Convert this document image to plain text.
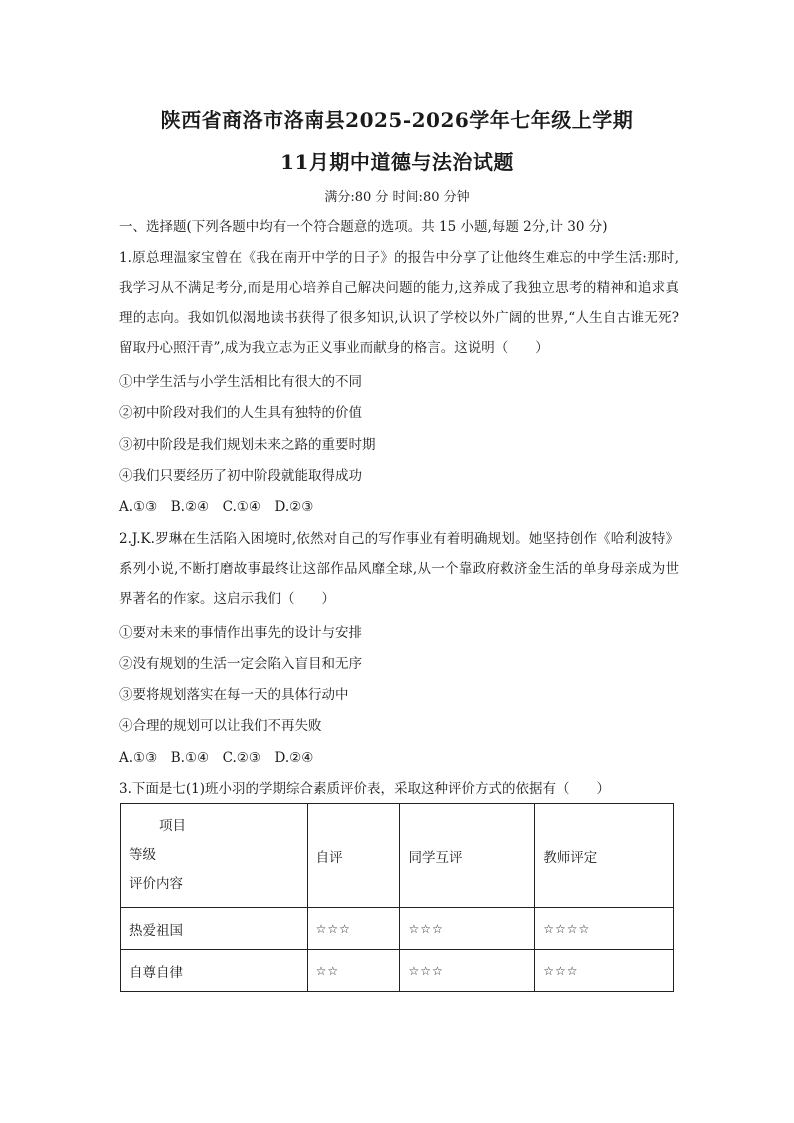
陕西省商洛市洛南县2025-2026学年七年级上学期
11月期中道德与法治试题
满分:80 分 时间:80 分钟
一、选择题(下列各题中均有一个符合题意的选项。共 15 小题,每题 2分,计 30 分)
1.原总理温家宝曾在《我在南开中学的日子》的报告中分享了让他终生难忘的中学生活:那时,我学习从不满足考分,而是用心培养自己解决问题的能力,这养成了我独立思考的精神和追求真理的志向。我如饥似渴地读书获得了很多知识,认识了学校以外广阔的世界,“人生自古谁无死?留取丹心照汗青”,成为我立志为正义事业而献身的格言。这说明（　　）
①中学生活与小学生活相比有很大的不同
②初中阶段对我们的人生具有独特的价值
③初中阶段是我们规划未来之路的重要时期
④我们只要经历了初中阶段就能取得成功
A.①③　B.②④　C.①④　D.②③
2.J.K.罗琳在生活陷入困境时,依然对自己的写作事业有着明确规划。她坚持创作《哈利波特》系列小说,不断打磨故事最终让这部作品风靡全球,从一个靠政府救济金生活的单身母亲成为世界著名的作家。这启示我们（　　）
①要对未来的事情作出事先的设计与安排
②没有规划的生活一定会陷入盲目和无序
③要将规划落实在每一天的具体行动中
④合理的规划可以让我们不再失败
A.①③　B.①④　C.②③　D.②④
3.下面是七(1)班小羽的学期综合素质评价表，采取这种评价方式的依据有（　　）
项目
等级
评价内容	自评	同学互评	教师评定
热爱祖国	☆☆☆	☆☆☆	☆☆☆☆
自尊自律	☆☆	☆☆☆	☆☆☆
